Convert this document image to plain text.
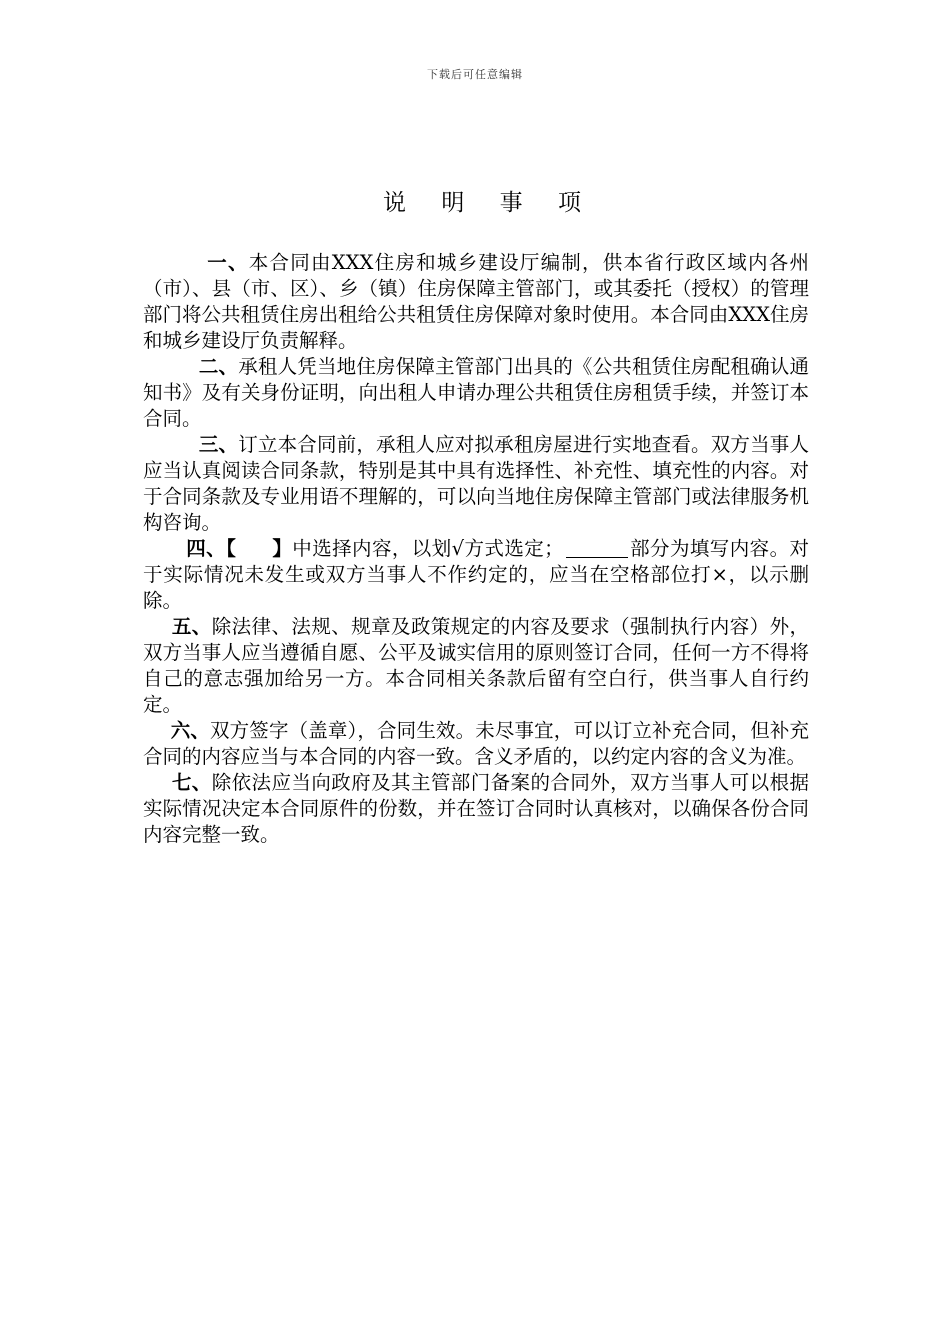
下载后可任意编辑
说 明 事 项

一、本合同由XXX住房和城乡建设厅编制，供本省行政区域内各州（市）、县（市、区）、乡（镇）住房保障主管部门，或其委托（授权）的管理部门将公共租赁住房出租给公共租赁住房保障对象时使用。本合同由XXX住房和城乡建设厅负责解释。

二、承租人凭当地住房保障主管部门出具的《公共租赁住房配租确认通知书》及有关身份证明，向出租人申请办理公共租赁住房租赁手续，并签订本合同。

三、订立本合同前，承租人应对拟承租房屋进行实地查看。双方当事人应当认真阅读合同条款，特别是其中具有选择性、补充性、填充性的内容。对于合同条款及专业用语不理解的，可以向当地住房保障主管部门或法律服务机构咨询。

四、【     】中选择内容，以划√方式选定；	部分为填写内容。对于实际情况未发生或双方当事人不作约定的，应当在空格部位打×，以示删除。

五、除法律、法规、规章及政策规定的内容及要求（强制执行内容）外，双方当事人应当遵循自愿、公平及诚实信用的原则签订合同，任何一方不得将自己的意志强加给另一方。本合同相关条款后留有空白行，供当事人自行约定。

六、双方签字（盖章），合同生效。未尽事宜，可以订立补充合同，但补充合同的内容应当与本合同的内容一致。含义矛盾的，以约定内容的含义为准。

七、除依法应当向政府及其主管部门备案的合同外，双方当事人可以根据实际情况决定本合同原件的份数，并在签订合同时认真核对，以确保各份合同内容完整一致。
